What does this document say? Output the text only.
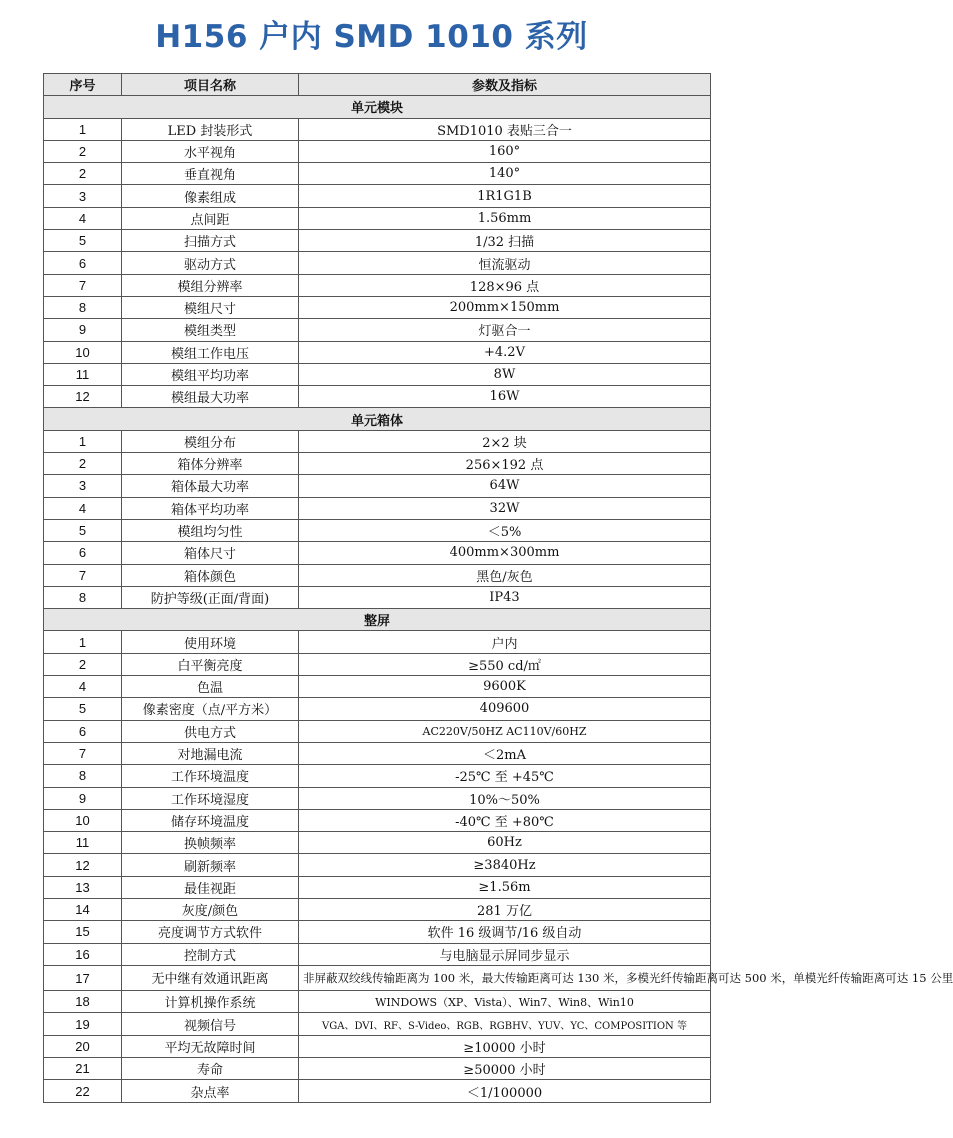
H156 户内 SMD 1010 系列
序号	项目名称	参数及指标
单元模块		
1	LED 封装形式	SMD1010 表贴三合一
2	水平视角	160°
2	垂直视角	140°
3	像素组成	1R1G1B
4	点间距	1.56mm
5	扫描方式	1/32 扫描
6	驱动方式	恒流驱动
7	模组分辨率	128×96 点
8	模组尺寸	200mm×150mm
9	模组类型	灯驱合一
10	模组工作电压	+4.2V
11	模组平均功率	8W
12	模组最大功率	16W
单元箱体		
1	模组分布	2×2 块
2	箱体分辨率	256×192 点
3	箱体最大功率	64W
4	箱体平均功率	32W
5	模组均匀性	＜5%
6	箱体尺寸	400mm×300mm
7	箱体颜色	黑色/灰色
8	防护等级(正面/背面)	IP43
整屏		
1	使用环境	户内
2	白平衡亮度	≥550 cd/㎡
4	色温	9600K
5	像素密度（点/平方米）	409600
6	供电方式	AC220V/50HZ AC110V/60HZ
7	对地漏电流	＜2mA
8	工作环境温度	-25℃ 至 +45℃
9	工作环境湿度	10%～50%
10	储存环境温度	-40℃ 至 +80℃
11	换帧频率	60Hz
12	刷新频率	≥3840Hz
13	最佳视距	≥1.56m
14	灰度/颜色	281 万亿
15	亮度调节方式软件	软件 16 级调节/16 级自动
16	控制方式	与电脑显示屏同步显示
17	无中继有效通讯距离	非屏蔽双绞线传输距离为 100 米，最大传输距离可达 130 米，多模光纤传输距离可达 500 米，单模光纤传输距离可达 15 公里
18	计算机操作系统	WINDOWS（XP、Vista）、Win7、Win8、Win10
19	视频信号	VGA、DVI、RF、S-Video、RGB、RGBHV、YUV、YC、COMPOSITION 等
20	平均无故障时间	≥10000 小时
21	寿命	≥50000 小时
22	杂点率	＜1/100000
